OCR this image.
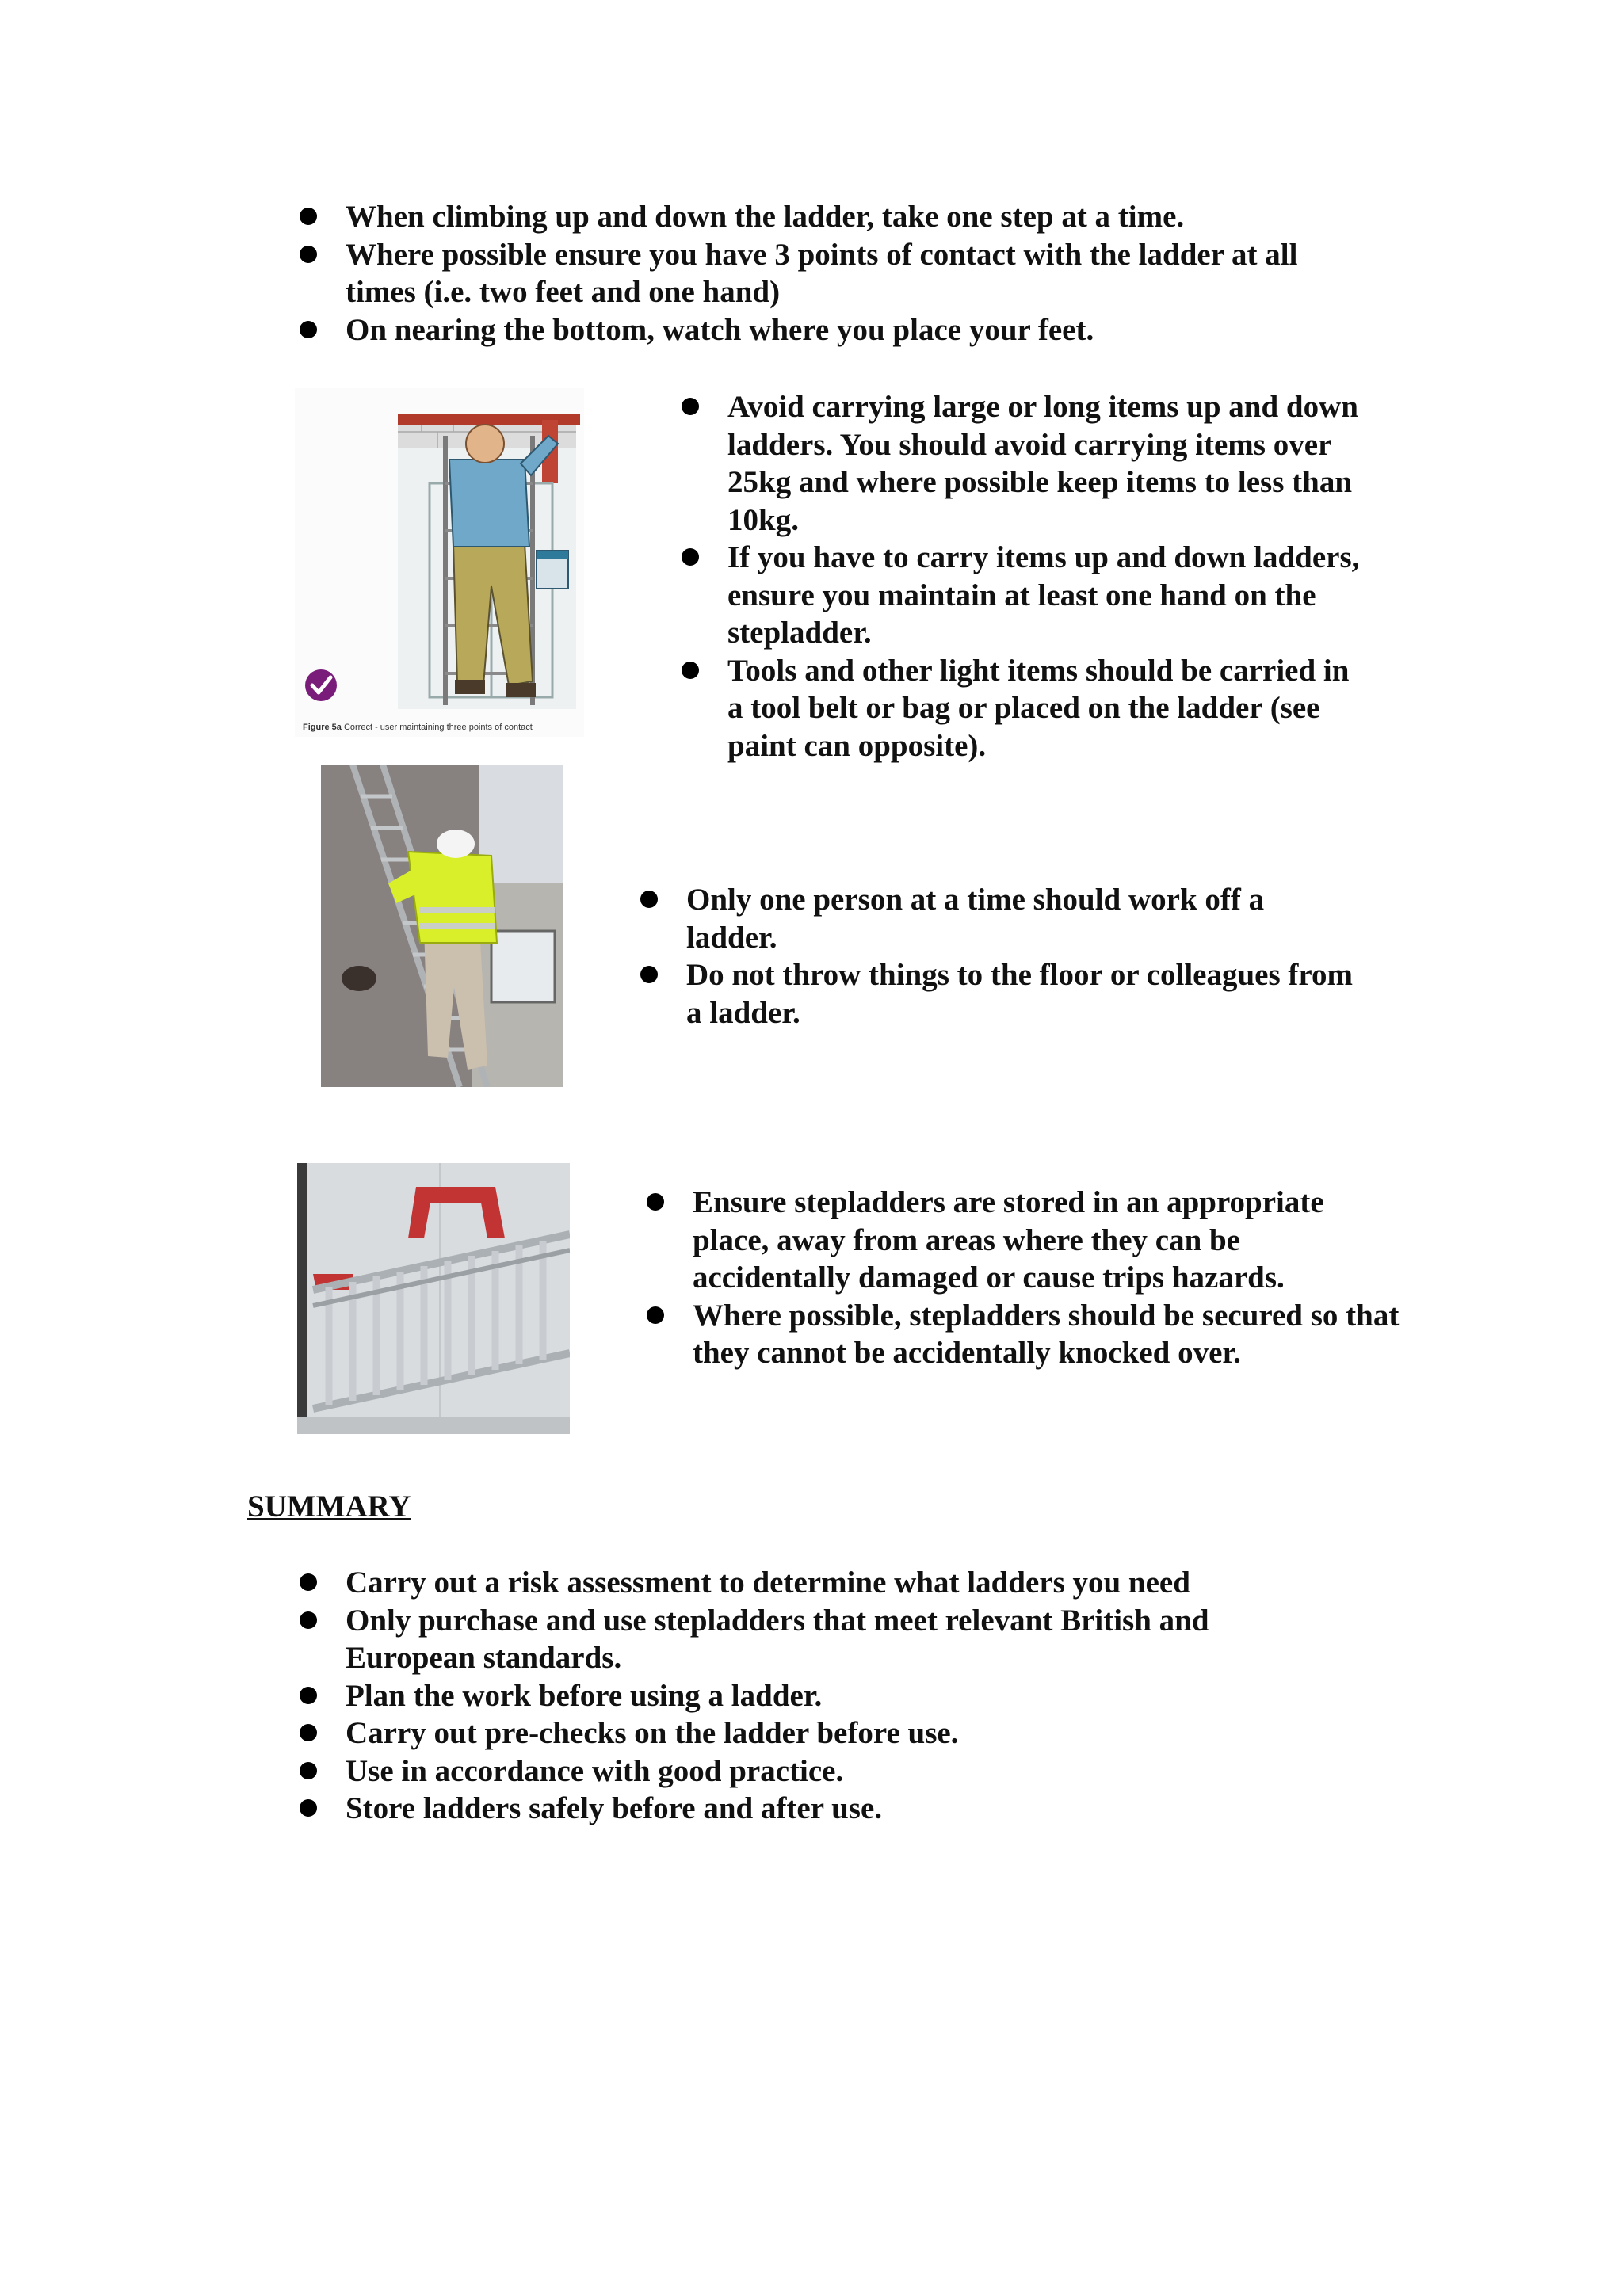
When climbing up and down the ladder, take one step at a time.
Where possible ensure you have 3 points of contact with the ladder at all times (i.e. two feet and one hand)
On nearing the bottom, watch where you place your feet.
Figure 5a Correct - user maintaining three points of contact
Avoid carrying large or long items up and down ladders. You should avoid carrying items over 25kg and where possible keep items to less than 10kg.
If you have to carry items up and down ladders, ensure you maintain at least one hand on the stepladder.
Tools and other light items should be carried in a tool belt or bag or placed on the ladder (see paint can opposite).
Only one person at a time should work off a ladder.
Do not throw things to the floor or colleagues from a ladder.
Ensure stepladders are stored in an appropriate place, away from areas where they can be accidentally damaged or cause trips hazards.
Where possible, stepladders should be secured so that they cannot be accidentally knocked over.
SUMMARY
Carry out a risk assessment to determine what ladders you need
Only purchase and use stepladders that meet relevant British and European standards.
Plan the work before using a ladder.
Carry out pre-checks on the ladder before use.
Use in accordance with good practice.
Store ladders safely before and after use.
